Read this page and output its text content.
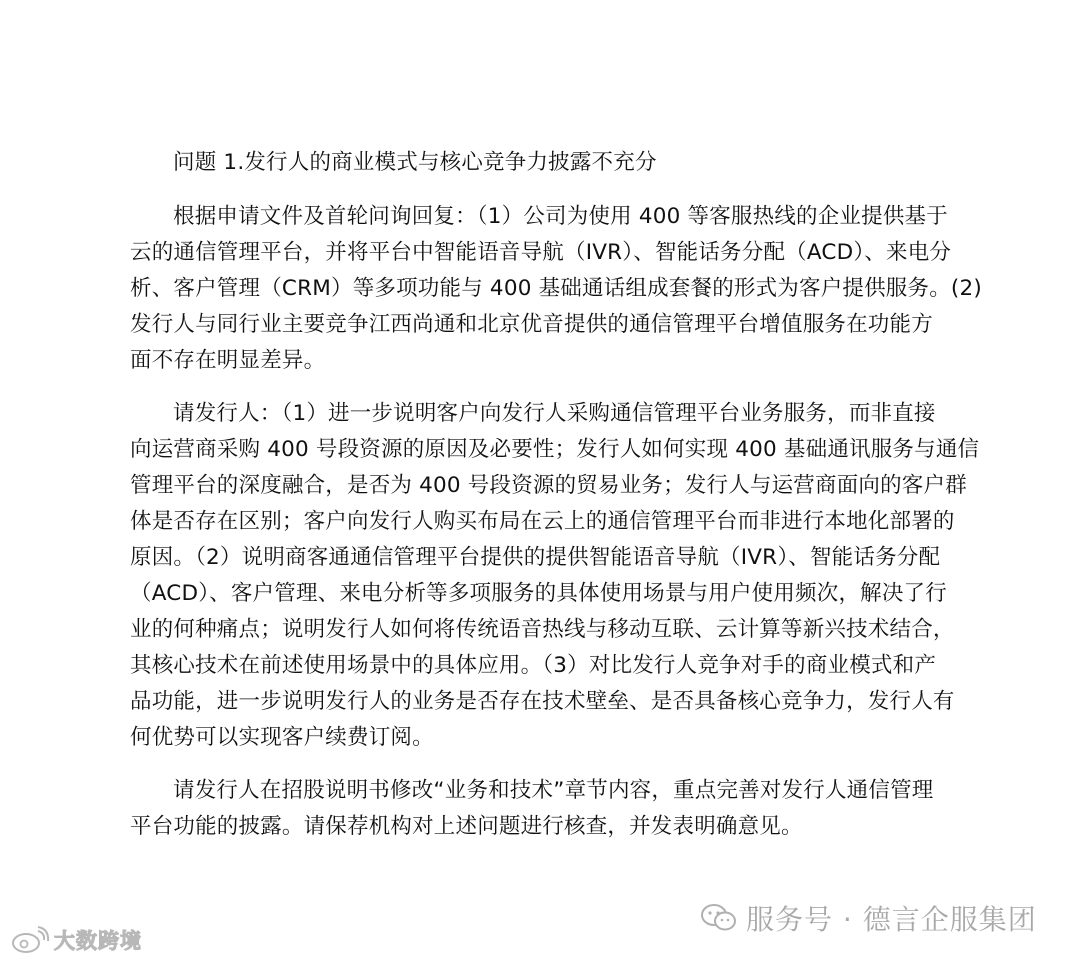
问题 1.发行人的商业模式与核心竞争力披露不充分
根据申请文件及首轮问询回复：（1）公司为使用 400 等客服热线的企业提供基于
云的通信管理平台，并将平台中智能语音导航（IVR）、智能话务分配（ACD）、来电分
析、客户管理（CRM）等多项功能与 400 基础通话组成套餐的形式为客户提供服务。(2)
发行人与同行业主要竞争江西尚通和北京优音提供的通信管理平台增值服务在功能方
面不存在明显差异。
请发行人：（1）进一步说明客户向发行人采购通信管理平台业务服务，而非直接
向运营商采购 400 号段资源的原因及必要性；发行人如何实现 400 基础通讯服务与通信
管理平台的深度融合，是否为 400 号段资源的贸易业务；发行人与运营商面向的客户群
体是否存在区别；客户向发行人购买布局在云上的通信管理平台而非进行本地化部署的
原因。（2）说明商客通通信管理平台提供的提供智能语音导航（IVR）、智能话务分配
（ACD）、客户管理、来电分析等多项服务的具体使用场景与用户使用频次，解决了行
业的何种痛点；说明发行人如何将传统语音热线与移动互联、云计算等新兴技术结合，
其核心技术在前述使用场景中的具体应用。（3）对比发行人竞争对手的商业模式和产
品功能，进一步说明发行人的业务是否存在技术壁垒、是否具备核心竞争力，发行人有
何优势可以实现客户续费订阅。
请发行人在招股说明书修改“业务和技术”章节内容，重点完善对发行人通信管理
平台功能的披露。请保荐机构对上述问题进行核查，并发表明确意见。
服务号 · 德言企服集团
大数跨境
